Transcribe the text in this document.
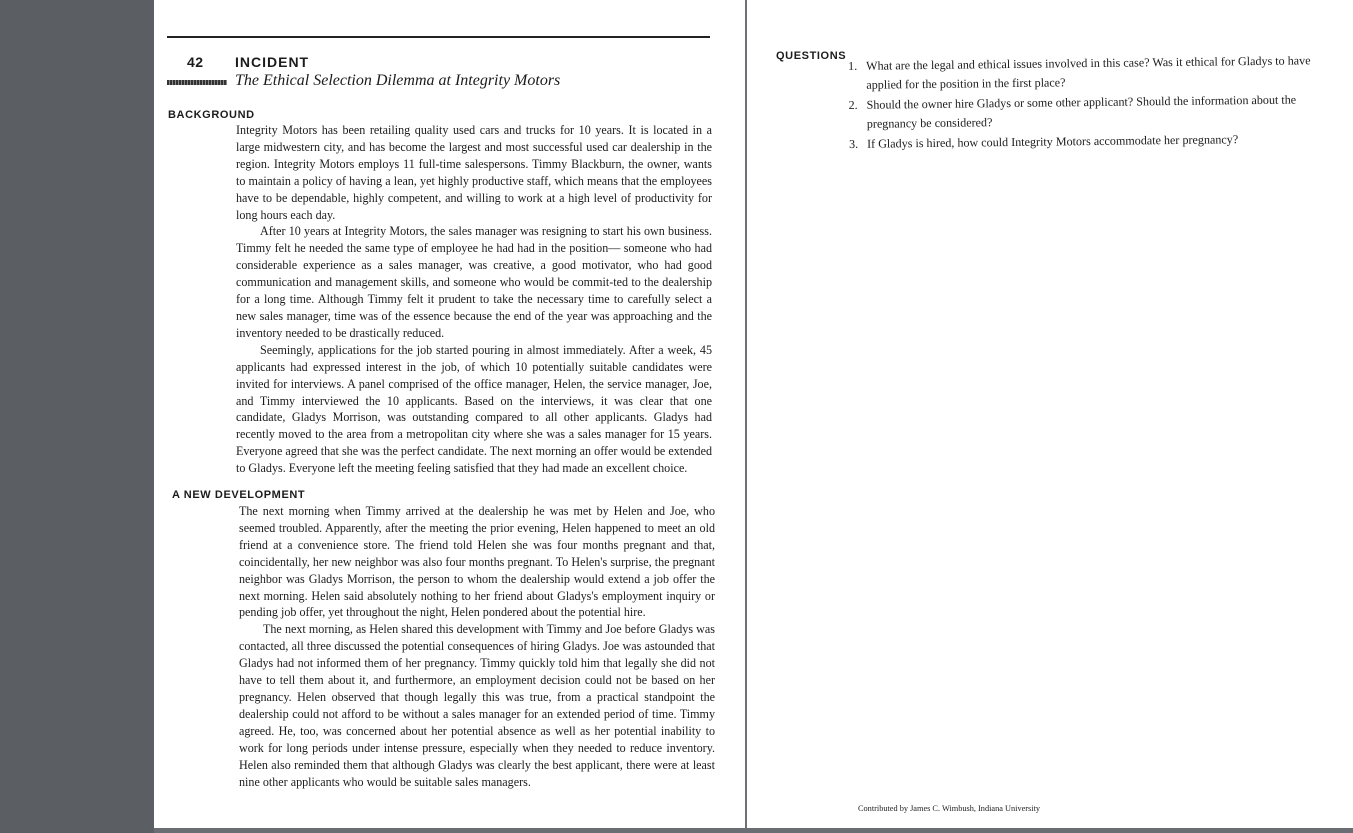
42 INCIDENT
The Ethical Selection Dilemma at Integrity Motors
BACKGROUND

Integrity Motors has been retailing quality used cars and trucks for 10 years. It is located in a large midwestern city, and has become the largest and most successful used car dealership in the region. Integrity Motors employs 11 full-time salespersons. Timmy Blackburn, the owner, wants to maintain a policy of having a lean, yet highly productive staff, which means that the employees have to be dependable, highly competent, and willing to work at a high level of productivity for long hours each day.

After 10 years at Integrity Motors, the sales manager was resigning to start his own business. Timmy felt he needed the same type of employee he had had in the position— someone who had considerable experience as a sales manager, was creative, a good motivator, who had good communication and management skills, and someone who would be commit-ted to the dealership for a long time. Although Timmy felt it prudent to take the necessary time to carefully select a new sales manager, time was of the essence because the end of the year was approaching and the inventory needed to be drastically reduced.

Seemingly, applications for the job started pouring in almost immediately. After a week, 45 applicants had expressed interest in the job, of which 10 potentially suitable candidates were invited for interviews. A panel comprised of the office manager, Helen, the service manager, Joe, and Timmy interviewed the 10 applicants. Based on the interviews, it was clear that one candidate, Gladys Morrison, was outstanding compared to all other applicants. Gladys had recently moved to the area from a metropolitan city where she was a sales manager for 15 years. Everyone agreed that she was the perfect candidate. The next morning an offer would be extended to Gladys. Everyone left the meeting feeling satisfied that they had made an excellent choice.

A NEW DEVELOPMENT

The next morning when Timmy arrived at the dealership he was met by Helen and Joe, who seemed troubled. Apparently, after the meeting the prior evening, Helen happened to meet an old friend at a convenience store. The friend told Helen she was four months pregnant and that, coincidentally, her new neighbor was also four months pregnant. To Helen's surprise, the pregnant neighbor was Gladys Morrison, the person to whom the dealership would extend a job offer the next morning. Helen said absolutely nothing to her friend about Gladys's employment inquiry or pending job offer, yet throughout the night, Helen pondered about the potential hire.

The next morning, as Helen shared this development with Timmy and Joe before Gladys was contacted, all three discussed the potential consequences of hiring Gladys. Joe was astounded that Gladys had not informed them of her pregnancy. Timmy quickly told him that legally she did not have to tell them about it, and furthermore, an employment decision could not be based on her pregnancy. Helen observed that though legally this was true, from a practical standpoint the dealership could not afford to be without a sales manager for an extended period of time. Timmy agreed. He, too, was concerned about her potential absence as well as her potential inability to work for long periods under intense pressure, especially when they needed to reduce inventory. Helen also reminded them that although Gladys was clearly the best applicant, there were at least nine other applicants who would be suitable sales managers.

QUESTIONS
1. What are the legal and ethical issues involved in this case? Was it ethical for Gladys to have applied for the position in the first place?
2. Should the owner hire Gladys or some other applicant? Should the information about the pregnancy be considered?
3. If Gladys is hired, how could Integrity Motors accommodate her pregnancy?
Contributed by James C. Wimbush, Indiana University
